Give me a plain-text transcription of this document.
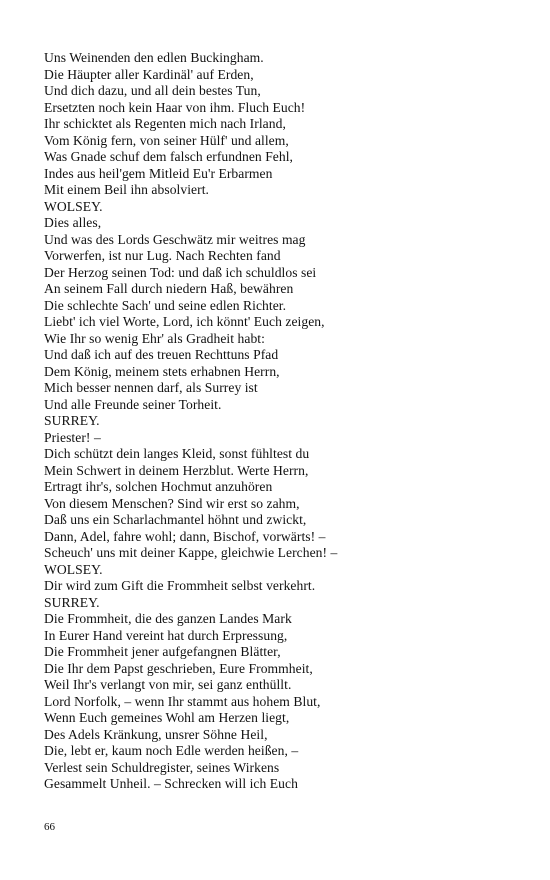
Uns Weinenden den edlen Buckingham.
Die Häupter aller Kardinäl' auf Erden,
Und dich dazu, und all dein bestes Tun,
Ersetzten noch kein Haar von ihm. Fluch Euch!
Ihr schicktet als Regenten mich nach Irland,
Vom König fern, von seiner Hülf' und allem,
Was Gnade schuf dem falsch erfundnen Fehl,
Indes aus heil'gem Mitleid Eu'r Erbarmen
Mit einem Beil ihn absolviert.
WOLSEY.
Dies alles,
Und was des Lords Geschwätz mir weitres mag
Vorwerfen, ist nur Lug. Nach Rechten fand
Der Herzog seinen Tod: und daß ich schuldlos sei
An seinem Fall durch niedern Haß, bewähren
Die schlechte Sach' und seine edlen Richter.
Liebt' ich viel Worte, Lord, ich könnt' Euch zeigen,
Wie Ihr so wenig Ehr' als Gradheit habt:
Und daß ich auf des treuen Rechttuns Pfad
Dem König, meinem stets erhabnen Herrn,
Mich besser nennen darf, als Surrey ist
Und alle Freunde seiner Torheit.
SURREY.
Priester! –
Dich schützt dein langes Kleid, sonst fühltest du
Mein Schwert in deinem Herzblut. Werte Herrn,
Ertragt ihr's, solchen Hochmut anzuhören
Von diesem Menschen? Sind wir erst so zahm,
Daß uns ein Scharlachmantel höhnt und zwickt,
Dann, Adel, fahre wohl; dann, Bischof, vorwärts! –
Scheuch' uns mit deiner Kappe, gleichwie Lerchen! –
WOLSEY.
Dir wird zum Gift die Frommheit selbst verkehrt.
SURREY.
Die Frommheit, die des ganzen Landes Mark
In Eurer Hand vereint hat durch Erpressung,
Die Frommheit jener aufgefangnen Blätter,
Die Ihr dem Papst geschrieben, Eure Frommheit,
Weil Ihr's verlangt von mir, sei ganz enthüllt.
Lord Norfolk, – wenn Ihr stammt aus hohem Blut,
Wenn Euch gemeines Wohl am Herzen liegt,
Des Adels Kränkung, unsrer Söhne Heil,
Die, lebt er, kaum noch Edle werden heißen, –
Verlest sein Schuldregister, seines Wirkens
Gesammelt Unheil. – Schrecken will ich Euch
66
